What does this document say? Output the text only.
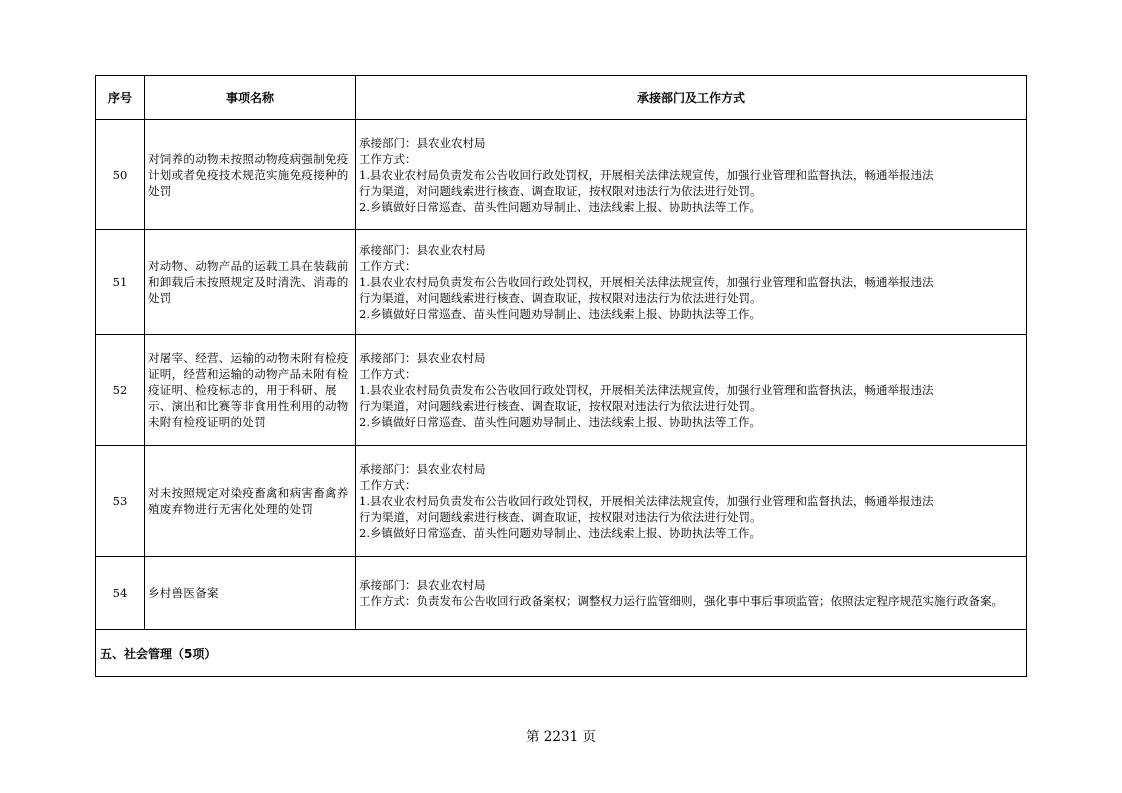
序号	事项名称	承接部门及工作方式
50	对饲养的动物未按照动物疫病强制免疫计划或者免疫技术规范实施免疫接种的处罚	承接部门：县农业农村局
工作方式：
1.县农业农村局负责发布公告收回行政处罚权，开展相关法律法规宣传，加强行业管理和监督执法，畅通举报违法
行为渠道，对问题线索进行核查、调查取证，按权限对违法行为依法进行处罚。
2.乡镇做好日常巡查、苗头性问题劝导制止、违法线索上报、协助执法等工作。

51	对动物、动物产品的运载工具在装载前和卸载后未按照规定及时清洗、消毒的处罚	承接部门：县农业农村局
工作方式：
1.县农业农村局负责发布公告收回行政处罚权，开展相关法律法规宣传，加强行业管理和监督执法，畅通举报违法
行为渠道，对问题线索进行核查、调查取证，按权限对违法行为依法进行处罚。
2.乡镇做好日常巡查、苗头性问题劝导制止、违法线索上报、协助执法等工作。

52	对屠宰、经营、运输的动物未附有检疫证明，经营和运输的动物产品未附有检疫证明、检疫标志的，用于科研、展示、演出和比赛等非食用性利用的动物未附有检疫证明的处罚	承接部门：县农业农村局
工作方式：
1.县农业农村局负责发布公告收回行政处罚权，开展相关法律法规宣传，加强行业管理和监督执法，畅通举报违法
行为渠道，对问题线索进行核查、调查取证，按权限对违法行为依法进行处罚。
2.乡镇做好日常巡查、苗头性问题劝导制止、违法线索上报、协助执法等工作。

53	对未按照规定对染疫畜禽和病害畜禽养殖废弃物进行无害化处理的处罚	承接部门：县农业农村局
工作方式：
1.县农业农村局负责发布公告收回行政处罚权，开展相关法律法规宣传，加强行业管理和监督执法，畅通举报违法
行为渠道，对问题线索进行核查、调查取证，按权限对违法行为依法进行处罚。
2.乡镇做好日常巡查、苗头性问题劝导制止、违法线索上报、协助执法等工作。

54	乡村兽医备案	承接部门：县农业农村局
工作方式：负责发布公告收回行政备案权；调整权力运行监管细则，强化事中事后事项监管；依照法定程序规范实施行政备案。

五、社会管理（5项）		
第 2231 页
